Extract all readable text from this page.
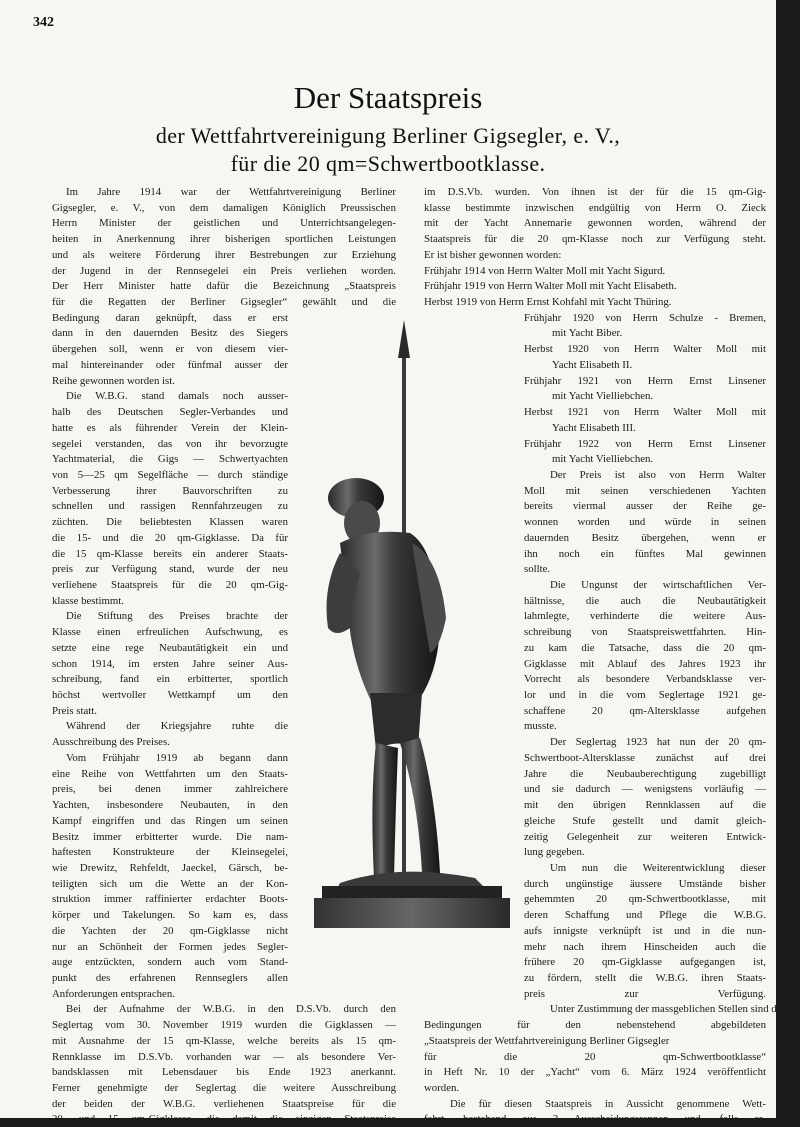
342
Der Staatspreis
der Wettfahrtvereinigung Berliner Gigsegler, e. V.,
für die 20 qm=Schwertbootklasse.
Im Jahre 1914 war der Wettfahrtvereinigung Berliner
Gigsegler, e. V., von dem damaligen Königlich Preussischen
Herrn Minister der geistlichen und Unterrichtsangelegen-
heiten in Anerkennung ihrer bisherigen sportlichen Leistungen
und als weitere Förderung ihrer Bestrebungen zur Erziehung
der Jugend in der Rennsegelei ein Preis verliehen worden.
Der Herr Minister hatte dafür die Bezeichnung „Staatspreis
für die Regatten der Berliner Gigsegler“ gewählt und die
Bedingung daran geknüpft, dass er erst
dann in den dauernden Besitz des Siegers
übergehen soll, wenn er von diesem vier-
mal hintereinander oder fünfmal ausser der
Reihe gewonnen worden ist.
Die W.B.G. stand damals noch ausser-
halb des Deutschen Segler-Verbandes und
hatte es als führender Verein der Klein-
segelei verstanden, das von ihr bevorzugte
Yachtmaterial, die Gigs — Schwertyachten
von 5—25 qm Segelfläche — durch ständige
Verbesserung ihrer Bauvorschriften zu
schnellen und rassigen Rennfahrzeugen zu
züchten. Die beliebtesten Klassen waren
die 15- und die 20 qm-Gigklasse. Da für
die 15 qm-Klasse bereits ein anderer Staats-
preis zur Verfügung stand, wurde der neu
verliehene Staatspreis für die 20 qm-Gig-
klasse bestimmt.
Die Stiftung des Preises brachte der
Klasse einen erfreulichen Aufschwung, es
setzte eine rege Neubautätigkeit ein und
schon 1914, im ersten Jahre seiner Aus-
schreibung, fand ein erbitterter, sportlich
höchst wertvoller Wettkampf um den
Preis statt.
Während der Kriegsjahre ruhte die
Ausschreibung des Preises.
Vom Frühjahr 1919 ab begann dann
eine Reihe von Wettfahrten um den Staats-
preis, bei denen immer zahlreichere
Yachten, insbesondere Neubauten, in den
Kampf eingriffen und das Ringen um seinen
Besitz immer erbitterter wurde. Die nam-
haftesten Konstrukteure der Kleinsegelei,
wie Drewitz, Rehfeldt, Jaeckel, Gärsch, be-
teiligten sich um die Wette an der Kon-
struktion immer raffinierter erdachter Boots-
körper und Takelungen. So kam es, dass
die Yachten der 20 qm-Gigklasse nicht
nur an Schönheit der Formen jedes Segler-
auge entzückten, sondern auch vom Stand-
punkt des erfahrenen Rennseglers allen
Anforderungen entsprachen.
Bei der Aufnahme der W.B.G. in den D.S.Vb. durch den
Seglertag vom 30. November 1919 wurden die Gigklassen —
mit Ausnahme der 15 qm-Klasse, welche bereits als 15 qm-
Rennklasse im D.S.Vb. vorhanden war — als besondere Ver-
bandsklassen mit Lebensdauer bis Ende 1923 anerkannt.
Ferner genehmigte der Seglertag die weitere Ausschreibung
der beiden der W.B.G. verliehenen Staatspreise für die
20- und 15 qm-Gigklasse, die damit die einzigen Staatspreise
im D.S.Vb. wurden. Von ihnen ist der für die 15 qm-Gig-
klasse bestimmte inzwischen endgültig von Herrn O. Zieck
mit der Yacht Annemarie gewonnen worden, während der
Staatspreis für die 20 qm-Klasse noch zur Verfügung steht.
Er ist bisher gewonnen worden:
Frühjahr 1914 von Herrn Walter Moll mit Yacht Sigurd.
Frühjahr 1919 von Herrn Walter Moll mit Yacht Elisabeth.
Herbst 1919 von Herrn Ernst Kohfahl mit Yacht Thüring.
Frühjahr 1920 von Herrn Schulze - Bremen,
mit Yacht Biber.
Herbst 1920 von Herrn Walter Moll mit
Yacht Elisabeth II.
Frühjahr 1921 von Herrn Ernst Linsener
mit Yacht Vielliebchen.
Herbst 1921 von Herrn Walter Moll mit
Yacht Elisabeth III.
Frühjahr 1922 von Herrn Ernst Linsener
mit Yacht Vielliebchen.
Der Preis ist also von Herrn Walter
Moll mit seinen verschiedenen Yachten
bereits viermal ausser der Reihe ge-
wonnen worden und würde in seinen
dauernden Besitz übergehen, wenn er
ihn noch ein fünftes Mal gewinnen
sollte.
Die Ungunst der wirtschaftlichen Ver-
hältnisse, die auch die Neubautätigkeit
lahmlegte, verhinderte die weitere Aus-
schreibung von Staatspreiswettfahrten. Hin-
zu kam die Tatsache, dass die 20 qm-
Gigklasse mit Ablauf des Jahres 1923 ihr
Vorrecht als besondere Verbandsklasse ver-
lor und in die vom Seglertage 1921 ge-
schaffene 20 qm-Altersklasse aufgehen
musste.
Der Seglertag 1923 hat nun der 20 qm-
Schwertboot-Altersklasse zunächst auf drei
Jahre die Neubauberechtigung zugebilligt
und sie dadurch — wenigstens vorläufig —
mit den übrigen Rennklassen auf die
gleiche Stufe gestellt und damit gleich-
zeitig Gelegenheit zur weiteren Entwick-
lung gegeben.
Um nun die Weiterentwicklung dieser
durch ungünstige äussere Umstände bisher
gehemmten 20 qm-Schwertbootklasse, mit
deren Schaffung und Pflege die W.B.G.
aufs innigste verknüpft ist und in die nun-
mehr nach ihrem Hinscheiden auch die
frühere 20 qm-Gigklasse aufgegangen ist,
zu fördern, stellt die W.B.G. ihren Staats-
preis zur Verfügung.
Unter Zustimmung der massgeblichen Stellen sind die
Bedingungen für den nebenstehend abgebildeten
„Staatspreis der Wettfahrtvereinigung Berliner Gigsegler
für die 20 qm-Schwertbootklasse“
in Heft Nr. 10 der „Yacht“ vom 6. März 1924 veröffentlicht
worden.
Die für diesen Staatspreis in Aussicht genommene Wett-
fahrt, bestehend aus 3 Ausscheidungsrennen und, falls er-
